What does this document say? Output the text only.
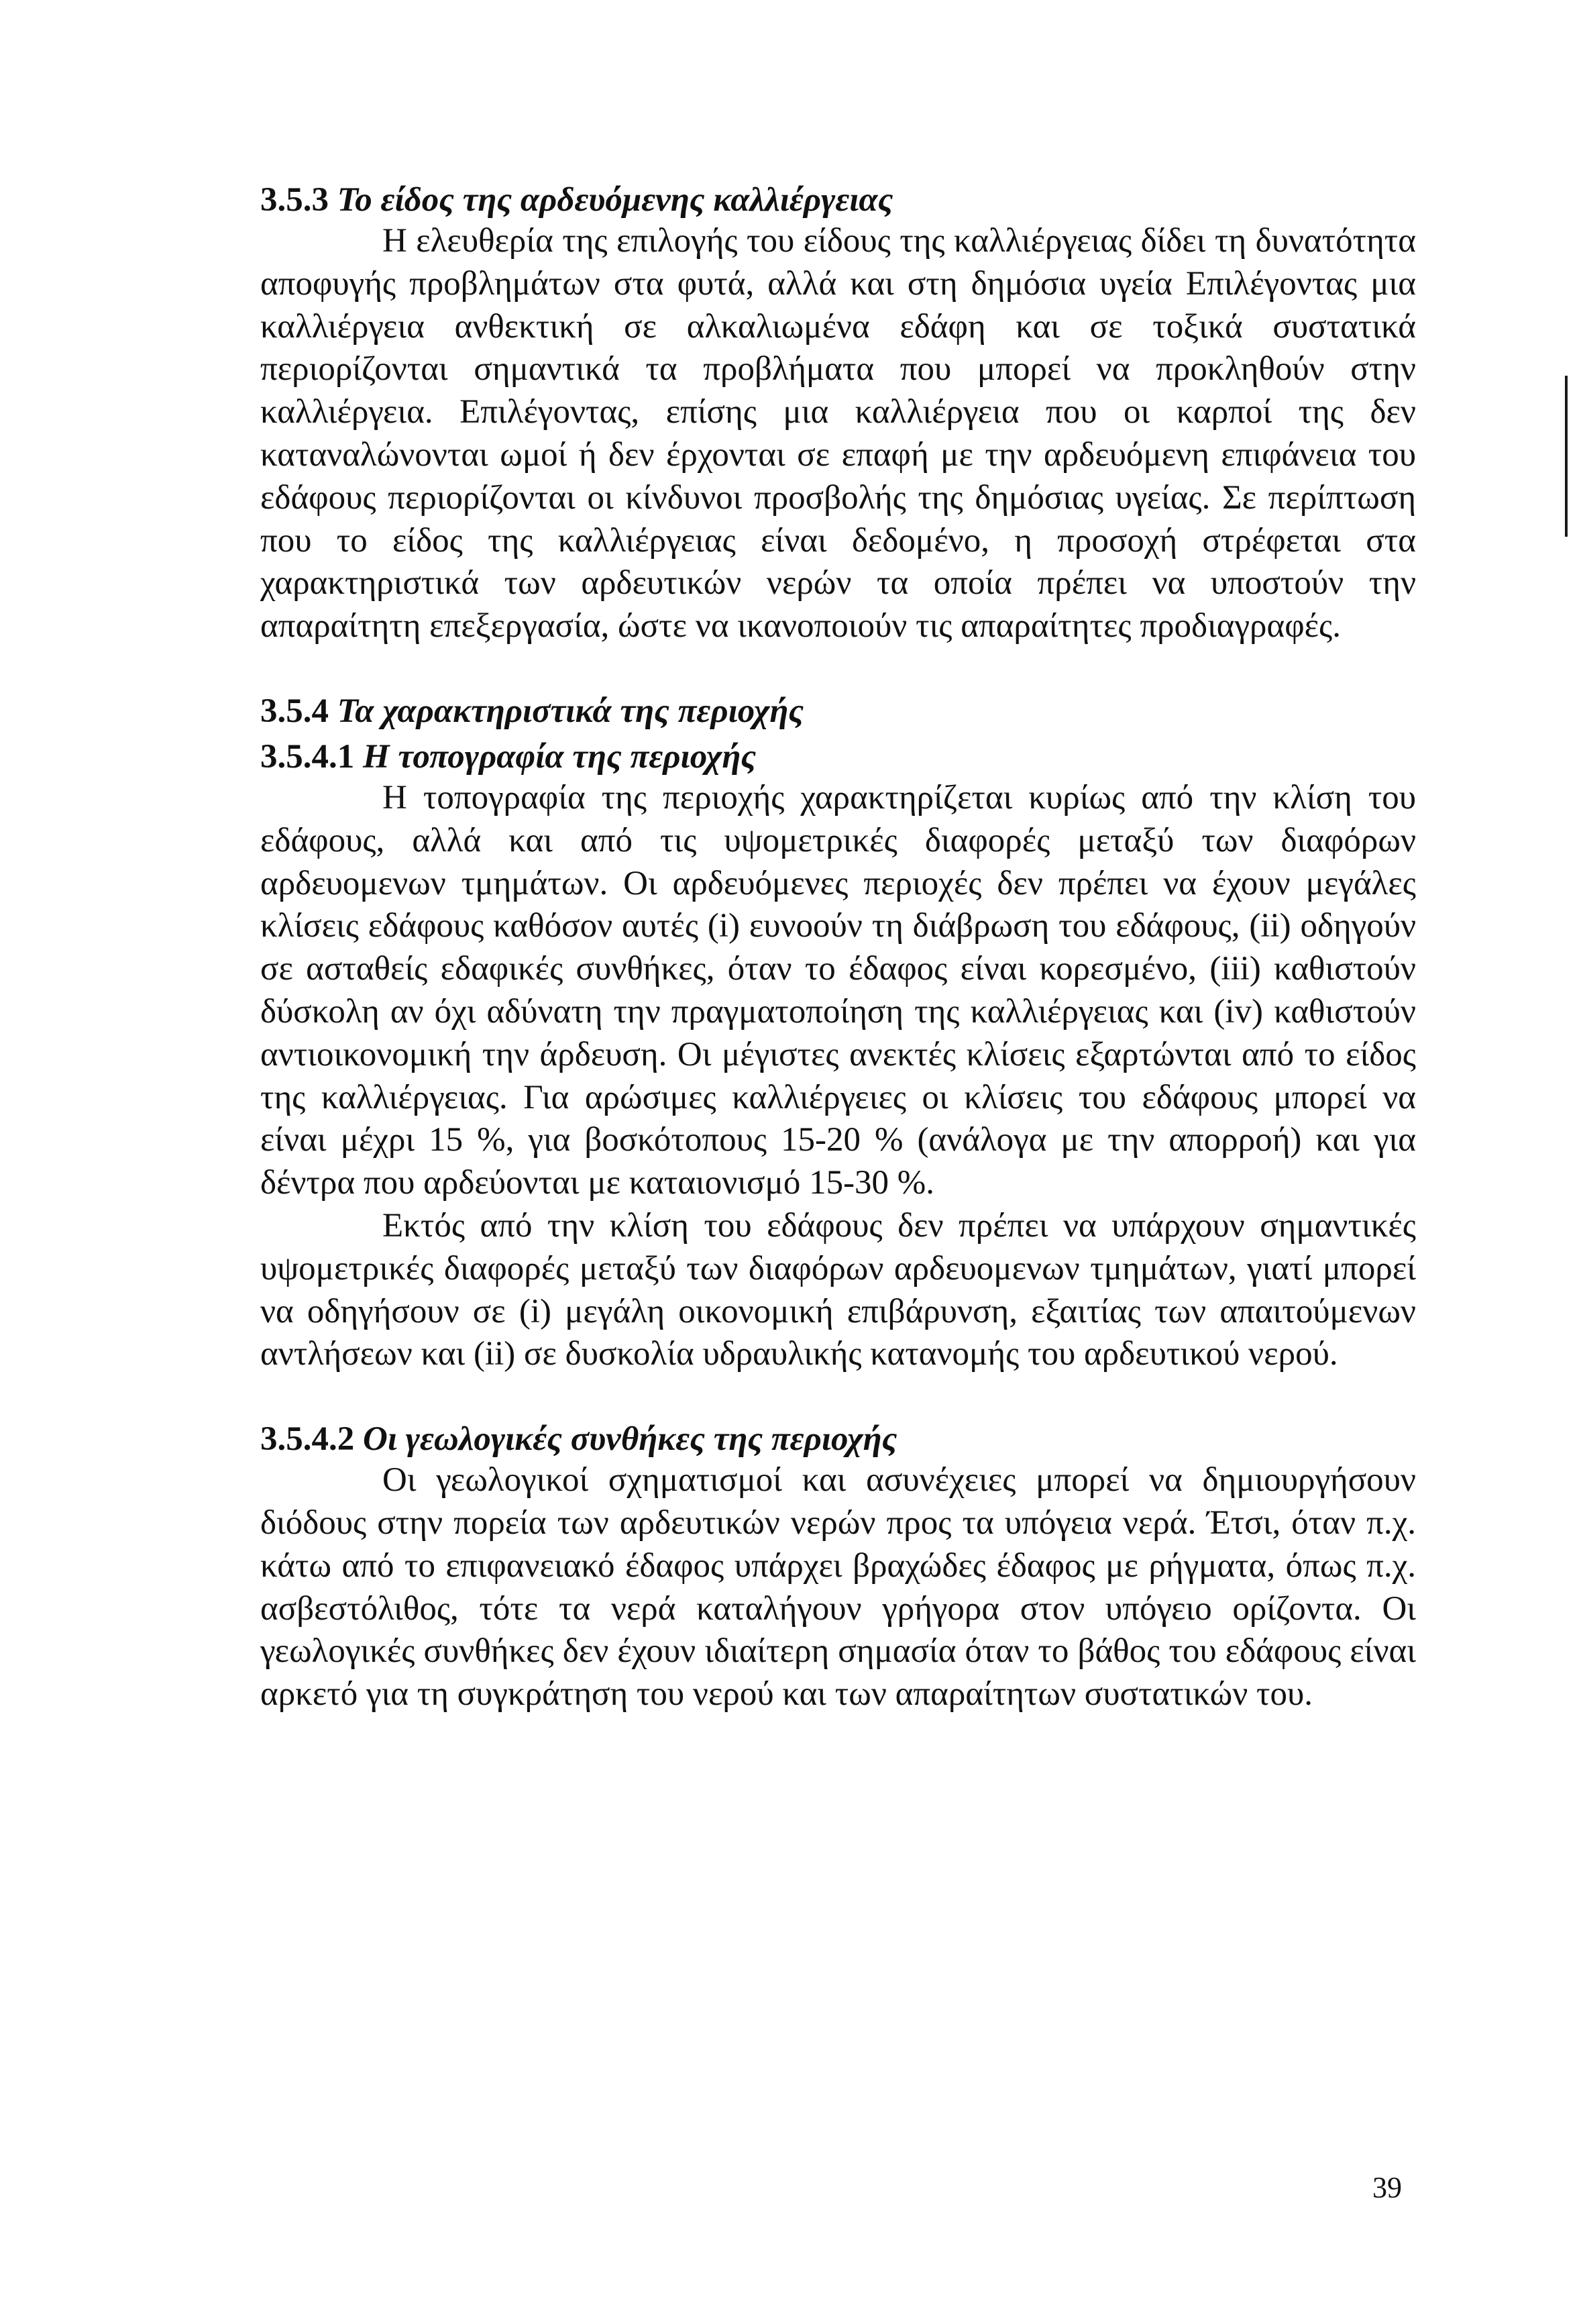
3.5.3 Το είδος της αρδευόμενης καλλιέργειας

Η ελευθερία της επιλογής του είδους της καλλιέργειας δίδει τη δυνατότητα αποφυγής προβλημάτων στα φυτά, αλλά και στη δημόσια υγεία Επιλέγοντας μια καλλιέργεια ανθεκτική σε αλκαλιωμένα εδάφη και σε τοξικά συστατικά περιορίζονται σημαντικά τα προβλήματα που μπορεί να προκληθούν στην καλλιέργεια. Επιλέγοντας, επίσης μια καλλιέργεια που οι καρποί της δεν καταναλώνονται ωμοί ή δεν έρχονται σε επαφή με την αρδευόμενη επιφάνεια του εδάφους περιορίζονται οι κίνδυνοι προσβολής της δημόσιας υγείας. Σε περίπτωση που το είδος της καλλιέργειας είναι δεδομένο, η προσοχή στρέφεται στα χαρακτηριστικά των αρδευτικών νερών τα οποία πρέπει να υποστούν την απαραίτητη επεξεργασία, ώστε να ικανοποιούν τις απαραίτητες προδιαγραφές.

3.5.4 Τα χαρακτηριστικά της περιοχής
3.5.4.1 Η τοπογραφία της περιοχής

Η τοπογραφία της περιοχής χαρακτηρίζεται κυρίως από την κλίση του εδάφους, αλλά και από τις υψομετρικές διαφορές μεταξύ των διαφόρων αρδευομενων τμημάτων. Οι αρδευόμενες περιοχές δεν πρέπει να έχουν μεγάλες κλίσεις εδάφους καθόσον αυτές (i) ευνοούν τη διάβρωση του εδάφους, (ii) οδηγούν σε ασταθείς εδαφικές συνθήκες, όταν το έδαφος είναι κορεσμένο, (iii) καθιστούν δύσκολη αν όχι αδύνατη την πραγματοποίηση της καλλιέργειας και (iv) καθιστούν αντιοικονομική την άρδευση. Οι μέγιστες ανεκτές κλίσεις εξαρτώνται από το είδος της καλλιέργειας. Για αρώσιμες καλλιέργειες οι κλίσεις του εδάφους μπορεί να είναι μέχρι 15 %, για βοσκότοπους 15-20 % (ανάλογα με την απορροή) και για δέντρα που αρδεύονται με καταιονισμό 15-30 %.

Εκτός από την κλίση του εδάφους δεν πρέπει να υπάρχουν σημαντικές υψομετρικές διαφορές μεταξύ των διαφόρων αρδευομενων τμημάτων, γιατί μπορεί να οδηγήσουν σε (i) μεγάλη οικονομική επιβάρυνση, εξαιτίας των απαιτούμενων αντλήσεων και (ii) σε δυσκολία υδραυλικής κατανομής του αρδευτικού νερού.

3.5.4.2 Οι γεωλογικές συνθήκες της περιοχής

Οι γεωλογικοί σχηματισμοί και ασυνέχειες μπορεί να δημιουργήσουν διόδους στην πορεία των αρδευτικών νερών προς τα υπόγεια νερά. Έτσι, όταν π.χ. κάτω από το επιφανειακό έδαφος υπάρχει βραχώδες έδαφος με ρήγματα, όπως π.χ. ασβεστόλιθος, τότε τα νερά καταλήγουν γρήγορα στον υπόγειο ορίζοντα. Οι γεωλογικές συνθήκες δεν έχουν ιδιαίτερη σημασία όταν το βάθος του εδάφους είναι αρκετό για τη συγκράτηση του νερού και των απαραίτητων συστατικών του.

39
